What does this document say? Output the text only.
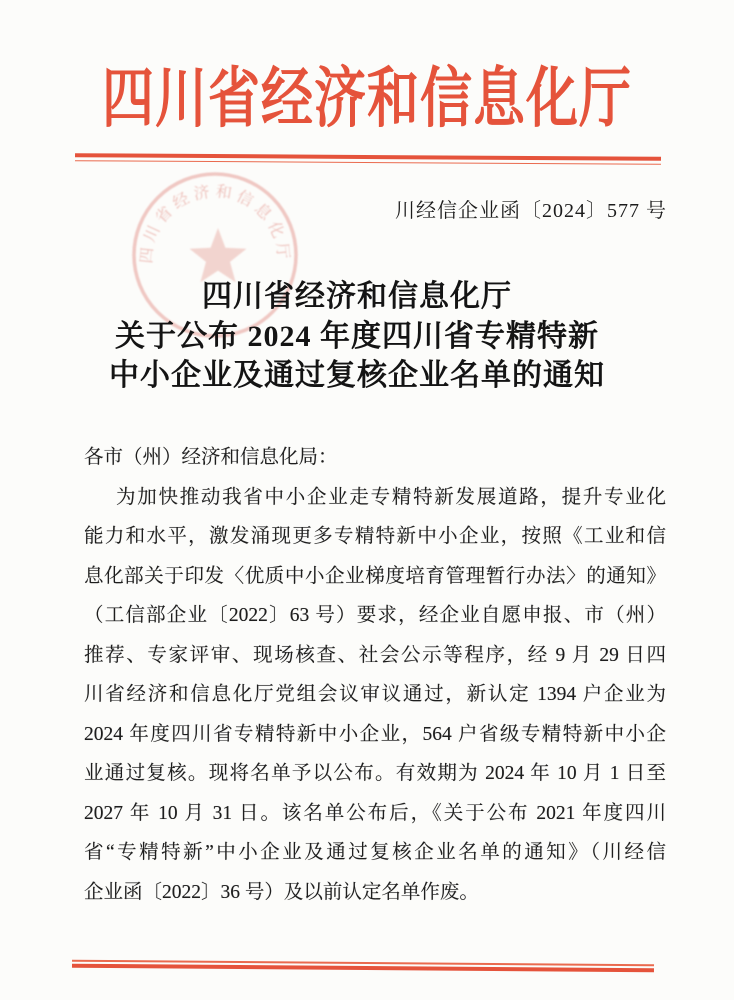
四川省经济和信息化厅
川经信企业函〔2024〕577 号
四川省经济和信息化厅
四川省经济和信息化厅
关于公布 2024 年度四川省专精特新
中小企业及通过复核企业名单的通知
各市（州）经济和信息化局：
为加快推动我省中小企业走专精特新发展道路，提升专业化
能力和水平，激发涌现更多专精特新中小企业，按照《工业和信
息化部关于印发〈优质中小企业梯度培育管理暂行办法〉的通知》
（工信部企业〔2022〕63 号）要求，经企业自愿申报、市（州）
推荐、专家评审、现场核查、社会公示等程序，经 9 月 29 日四
川省经济和信息化厅党组会议审议通过，新认定 1394 户企业为
2024 年度四川省专精特新中小企业，564 户省级专精特新中小企
业通过复核。现将名单予以公布。有效期为 2024 年 10 月 1 日至
2027 年 10 月 31 日。该名单公布后，《关于公布 2021 年度四川
省“专精特新”中小企业及通过复核企业名单的通知》（川经信
企业函〔2022〕36 号）及以前认定名单作废。
